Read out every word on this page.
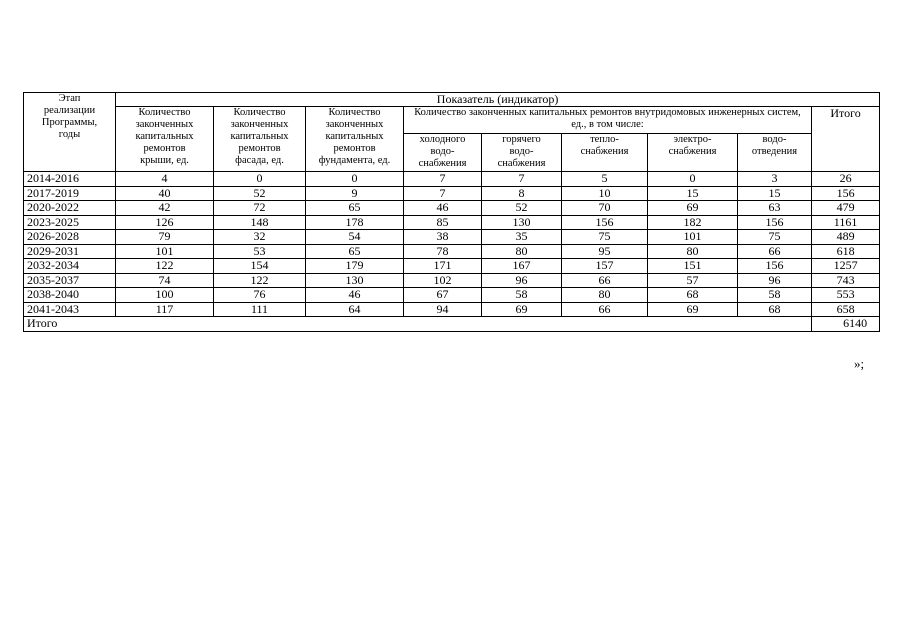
Этап
реализации
Программы,
годы	Показатель (индикатор)								
	Количество
законченных
капитальных
ремонтов
крыши, ед.	Количество
законченных
капитальных
ремонтов
фасада, ед.	Количество
законченных
капитальных
ремонтов
фундамента, ед.	Количество законченных капитальных ремонтов внутридомовых инженерных систем, ед., в том числе:					Итого
				холодного
водо-
снабжения	горячего
водо-
снабжения	тепло-
снабжения	электро-
снабжения	водо-
отведения	
2014-2016	4	0	0	7	7	5	0	3	26
2017-2019	40	52	9	7	8	10	15	15	156
2020-2022	42	72	65	46	52	70	69	63	479
2023-2025	126	148	178	85	130	156	182	156	1161
2026-2028	79	32	54	38	35	75	101	75	489
2029-2031	101	53	65	78	80	95	80	66	618
2032-2034	122	154	179	171	167	157	151	156	1257
2035-2037	74	122	130	102	96	66	57	96	743
2038-2040	100	76	46	67	58	80	68	58	553
2041-2043	117	111	64	94	69	66	69	68	658
Итого									6140
»;
